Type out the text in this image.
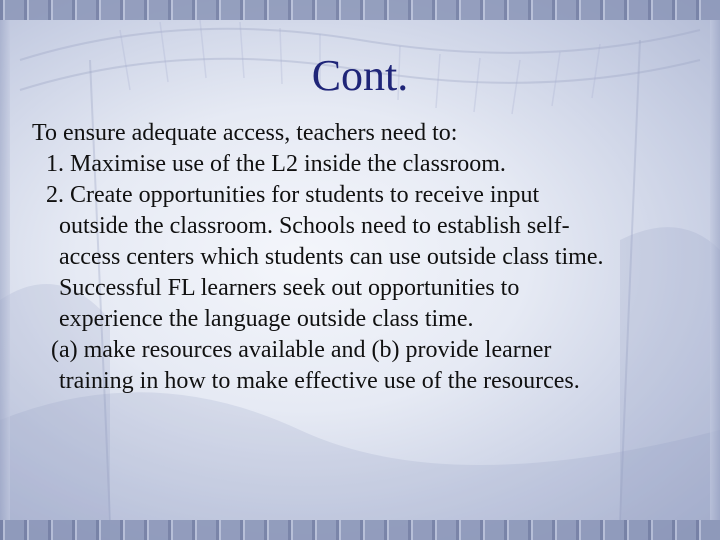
Cont.
To ensure adequate access, teachers need to:
1. Maximise use of the L2 inside the classroom.
2. Create opportunities for students to receive input
outside the classroom. Schools need to establish self-
access centers which students can use outside class time.
Successful FL learners seek out opportunities to
experience the language outside class time.
(a) make resources available and (b) provide learner
training in how to make effective use of the resources.
